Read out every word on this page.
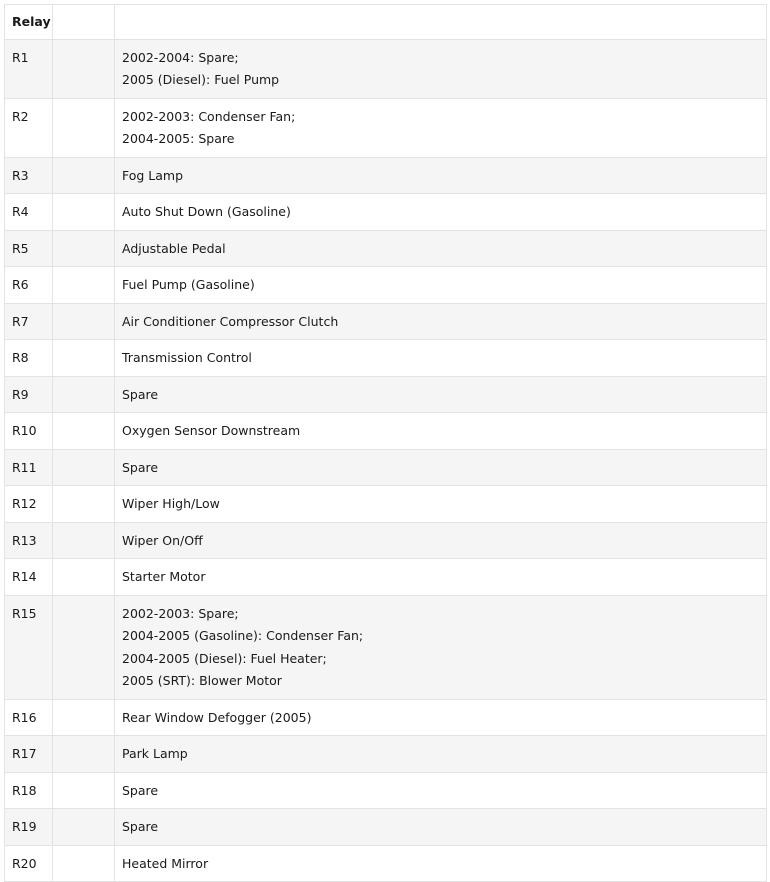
Relay		
R1		2002-2004: Spare;
2005 (Diesel): Fuel Pump

R2		2002-2003: Condenser Fan;
2004-2005: Spare

R3		Fog Lamp

R4		Auto Shut Down (Gasoline)

R5		Adjustable Pedal

R6		Fuel Pump (Gasoline)

R7		Air Conditioner Compressor Clutch

R8		Transmission Control

R9		Spare

R10		Oxygen Sensor Downstream

R11		Spare

R12		Wiper High/Low

R13		Wiper On/Off

R14		Starter Motor

R15		2002-2003: Spare;
2004-2005 (Gasoline): Condenser Fan;
2004-2005 (Diesel): Fuel Heater;
2005 (SRT): Blower Motor

R16		Rear Window Defogger (2005)

R17		Park Lamp

R18		Spare

R19		Spare

R20		Heated Mirror
